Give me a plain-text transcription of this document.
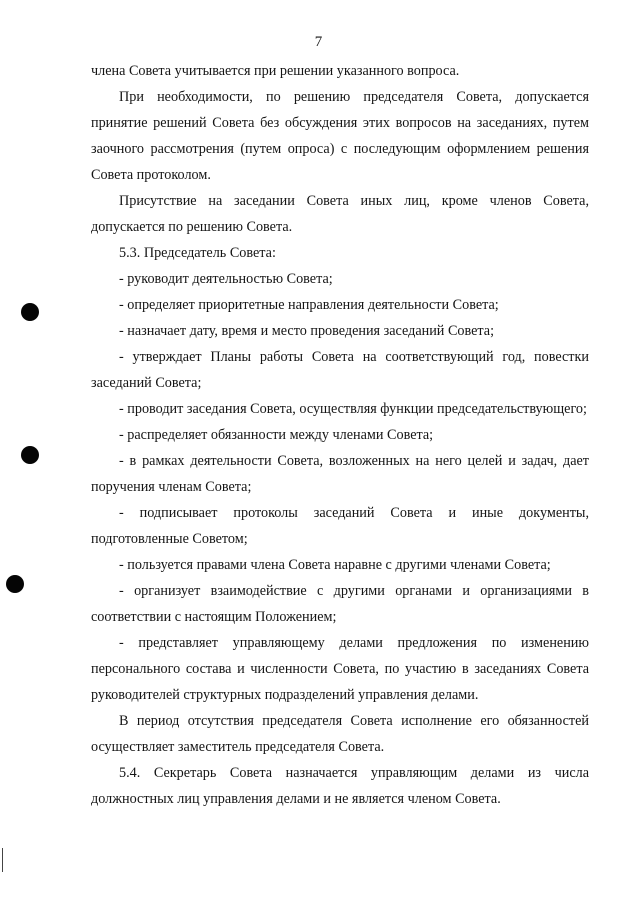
7

члена Совета учитывается при решении указанного вопроса.

При необходимости, по решению председателя Совета, допускается принятие решений Совета без обсуждения этих вопросов на заседаниях, путем заочного рассмотрения (путем опроса) с последующим оформлением решения Совета протоколом.

Присутствие на заседании Совета иных лиц, кроме членов Совета, допускается по решению Совета.

5.3. Председатель Совета:

- руководит деятельностью Совета;

- определяет приоритетные направления деятельности Совета;

- назначает дату, время и место проведения заседаний Совета;

- утверждает Планы работы Совета на соответствующий год, повестки заседаний Совета;

- проводит заседания Совета, осуществляя функции председательствующего;

- распределяет обязанности между членами Совета;

- в рамках деятельности Совета, возложенных на него целей и задач, дает поручения членам Совета;

- подписывает протоколы заседаний Совета и иные документы, подготовленные Советом;

- пользуется правами члена Совета наравне с другими членами Совета;

- организует взаимодействие с другими органами и организациями в соответствии с настоящим Положением;

- представляет управляющему делами предложения по изменению персонального состава и численности Совета, по участию в заседаниях Совета руководителей структурных подразделений управления делами.

В период отсутствия председателя Совета исполнение его обязанностей осуществляет заместитель председателя Совета.

5.4. Секретарь Совета назначается управляющим делами из числа должностных лиц управления делами и не является членом Совета.
